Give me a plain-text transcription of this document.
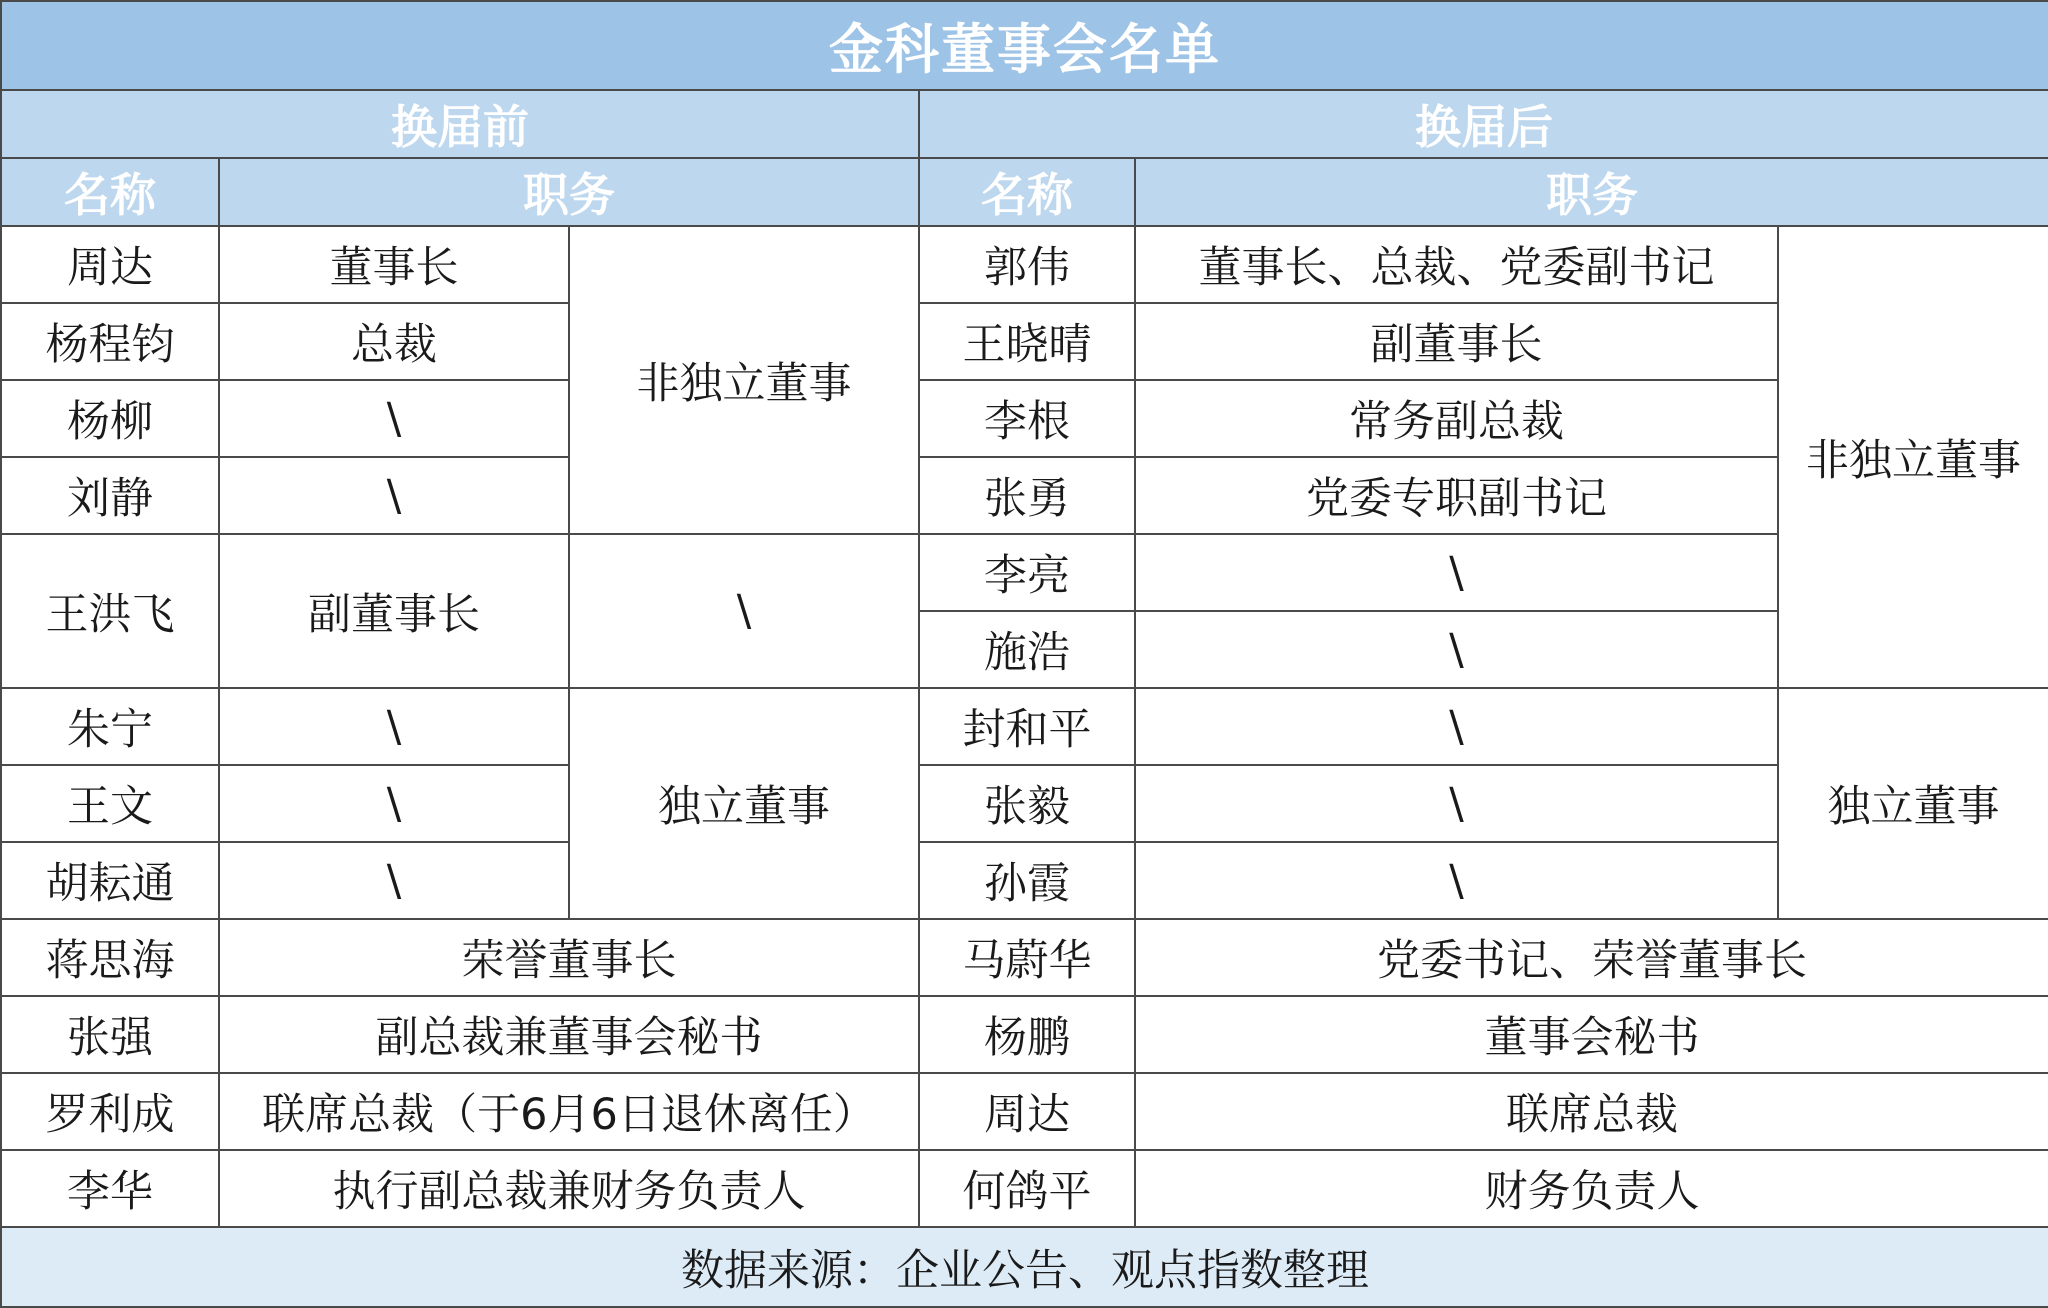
金科董事会名单					
换届前			换届后		
名称	职务		名称	职务	
周达	董事长	非独立董事	郭伟	董事长、总裁、党委副书记	非独立董事
杨程钧	总裁		王晓晴	副董事长	
杨柳	\		李根	常务副总裁	
刘静	\		张勇	党委专职副书记	
王洪飞	副董事长	\	李亮	\	
			施浩	\	
朱宁	\	独立董事	封和平	\	独立董事
王文	\		张毅	\	
胡耘通	\		孙霞	\	
蒋思海	荣誉董事长		马蔚华	党委书记、荣誉董事长	
张强	副总裁兼董事会秘书		杨鹏	董事会秘书	
罗利成	联席总裁（于6月6日退休离任）		周达	联席总裁	
李华	执行副总裁兼财务负责人		何鸽平	财务负责人	
数据来源：企业公告、观点指数整理					
